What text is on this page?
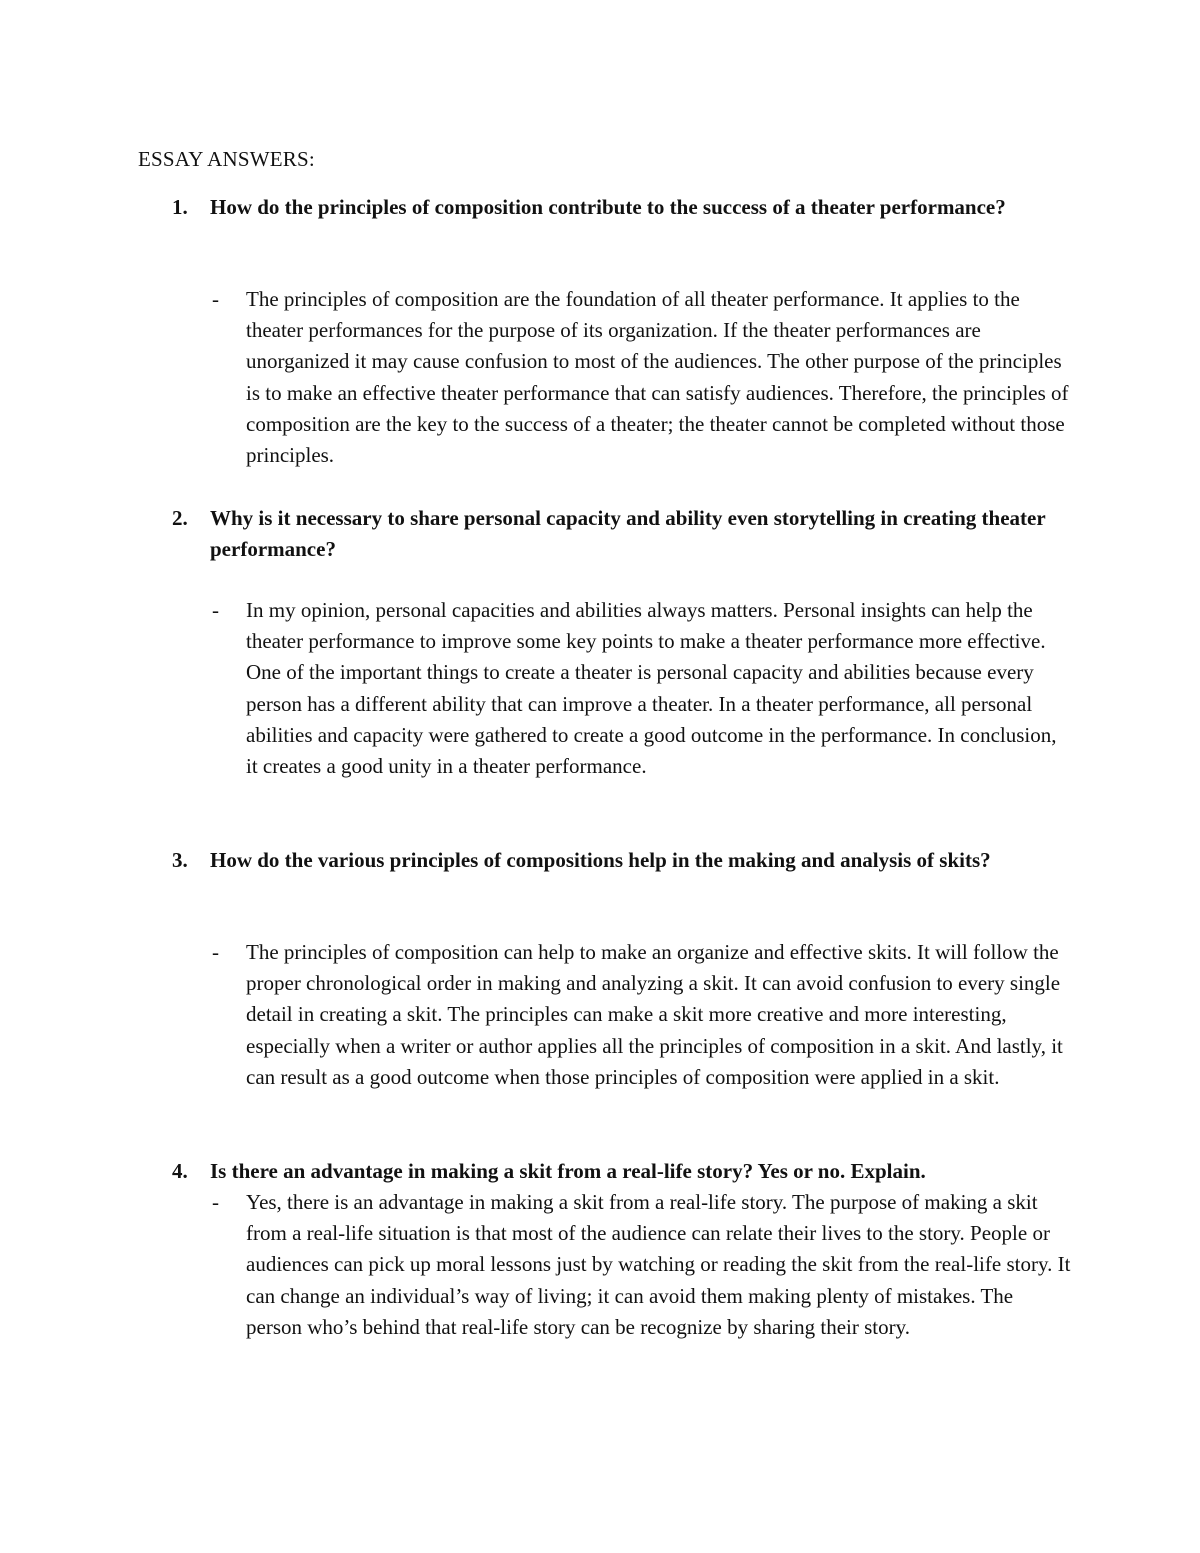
ESSAY ANSWERS:
1.	How do the principles of composition contribute to the success of a theater performance?
-	The principles of composition are the foundation of all theater performance. It applies to the theater performances for the purpose of its organization. If the theater performances are unorganized it may cause confusion to most of the audiences. The other purpose of the principles is to make an effective theater performance that can satisfy audiences. Therefore, the principles of composition are the key to the success of a theater; the theater cannot be completed without those principles.
2.	Why is it necessary to share personal capacity and ability even storytelling in creating theater performance?
-	In my opinion, personal capacities and abilities always matters. Personal insights can help the theater performance to improve some key points to make a theater performance more effective. One of the important things to create a theater is personal capacity and abilities because every person has a different ability that can improve a theater. In a theater performance, all personal abilities and capacity were gathered to create a good outcome in the performance. In conclusion, it creates a good unity in a theater performance.
3.	How do the various principles of compositions help in the making and analysis of skits?
-	The principles of composition can help to make an organize and effective skits. It will follow the proper chronological order in making and analyzing a skit. It can avoid confusion to every single detail in creating a skit. The principles can make a skit more creative and more interesting, especially when a writer or author applies all the principles of composition in a skit. And lastly, it can result as a good outcome when those principles of composition were applied in a skit.
4.	Is there an advantage in making a skit from a real-life story? Yes or no. Explain.
-	Yes, there is an advantage in making a skit from a real-life story. The purpose of making a skit from a real-life situation is that most of the audience can relate their lives to the story. People or audiences can pick up moral lessons just by watching or reading the skit from the real-life story. It can change an individual’s way of living; it can avoid them making plenty of mistakes. The person who’s behind that real-life story can be recognize by sharing their story.
